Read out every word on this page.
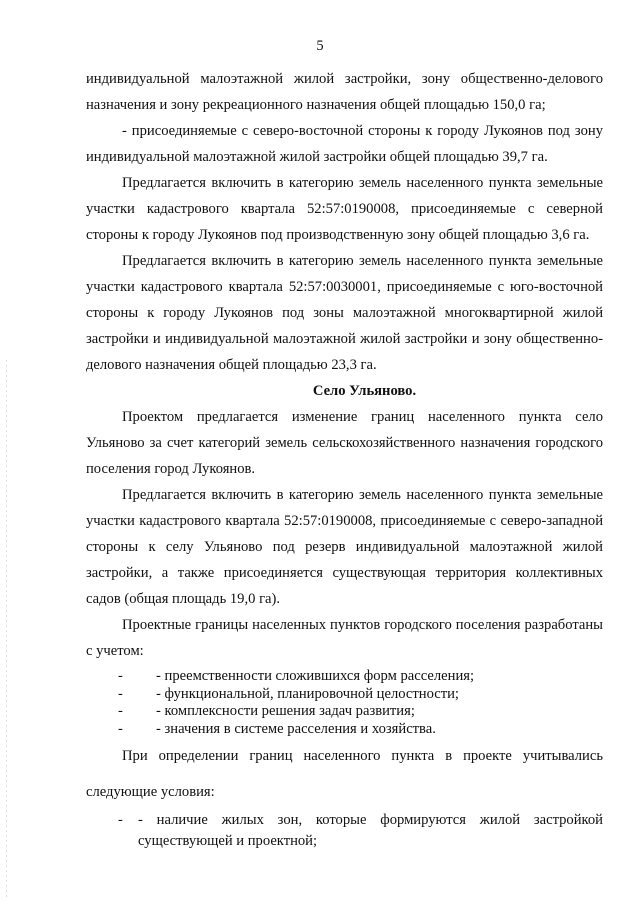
5

индивидуальной малоэтажной жилой застройки, зону общественно-делового назначения и зону рекреационного назначения общей площадью 150,0 га;

- присоединяемые с северо-восточной стороны к городу Лукоянов под зону индивидуальной малоэтажной жилой застройки общей площадью 39,7 га.

Предлагается включить в категорию земель населенного пункта земельные участки кадастрового квартала 52:57:0190008, присоединяемые с северной стороны к городу Лукоянов под производственную зону общей площадью 3,6 га.

Предлагается включить в категорию земель населенного пункта земельные участки кадастрового квартала 52:57:0030001, присоединяемые с юго-восточной стороны к городу Лукоянов под зоны малоэтажной многоквартирной жилой застройки и индивидуальной малоэтажной жилой застройки и зону общественно-делового назначения общей площадью 23,3 га.

Село Ульяново.

Проектом предлагается изменение границ населенного пункта село Ульяново за счет категорий земель сельскохозяйственного назначения городского поселения город Лукоянов.

Предлагается включить в категорию земель населенного пункта земельные участки кадастрового квартала 52:57:0190008, присоединяемые с северо-западной стороны к селу Ульяново под резерв индивидуальной малоэтажной жилой застройки, а также присоединяется существующая территория коллективных садов (общая площадь 19,0 га).

Проектные границы населенных пунктов городского поселения разработаны с учетом:

- - преемственности сложившихся форм расселения;
- - функциональной, планировочной целостности;
- - комплексности решения задач развития;
- - значения в системе расселения и хозяйства.

При определении границ населенного пункта в проекте учитывались следующие условия:

- - наличие жилых зон, которые формируются жилой застройкой существующей и проектной;
